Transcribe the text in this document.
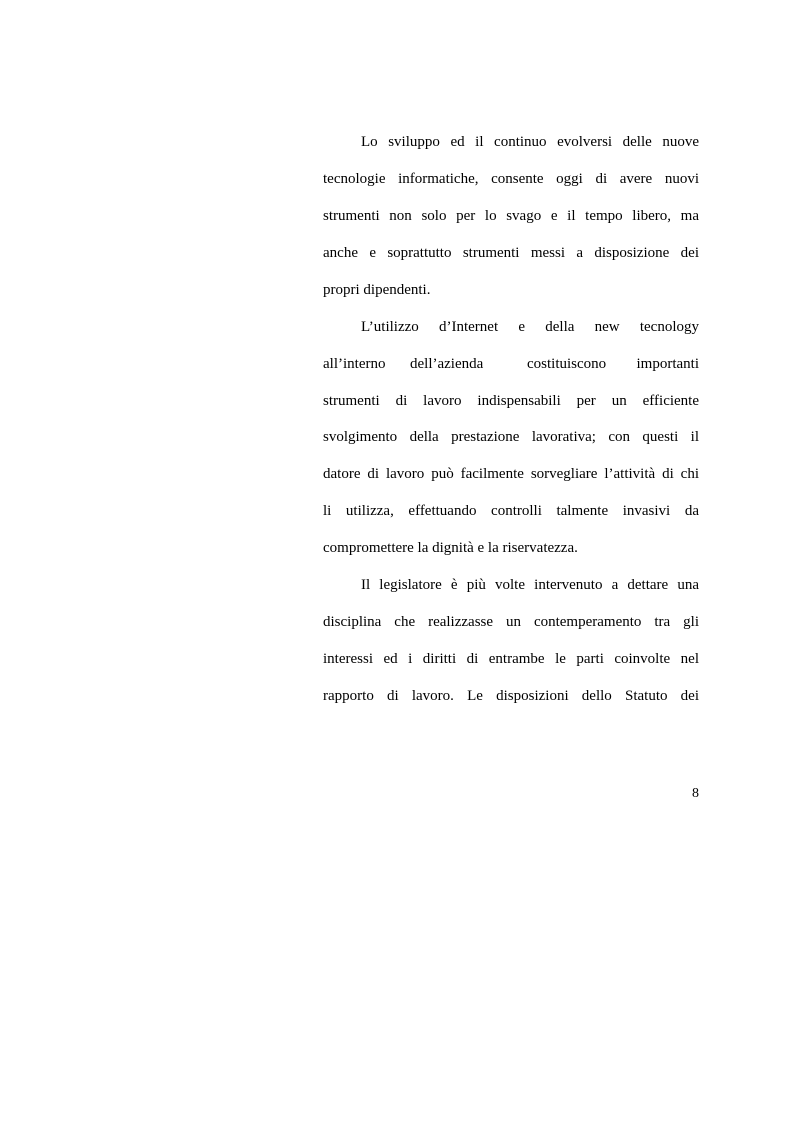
Lo sviluppo ed il continuo evolversi delle nuove
tecnologie informatiche, consente oggi di avere nuovi
strumenti non solo per lo svago e il tempo libero, ma
anche e soprattutto strumenti messi a disposizione dei
propri dipendenti.
L’utilizzo d’Internet e della new tecnology
all’interno dell’azienda	costituiscono importanti
strumenti di lavoro indispensabili per un efficiente
svolgimento della prestazione lavorativa; con questi il
datore di lavoro può facilmente sorvegliare l’attività di chi
li utilizza, effettuando controlli talmente invasivi da
compromettere la dignità e la riservatezza.
Il legislatore è più volte intervenuto a dettare una
disciplina che realizzasse un contemperamento tra gli
interessi ed i diritti di entrambe le parti coinvolte nel
rapporto di lavoro. Le disposizioni dello Statuto dei
8
